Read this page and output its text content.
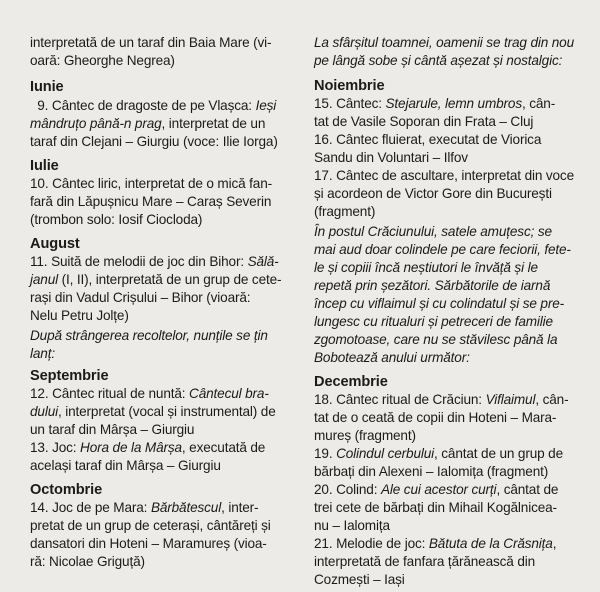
interpretată de un taraf din Baia Mare (vi-
oară: Gheorghe Negrea)
Iunie
9. Cântec de dragoste de pe Vlașca: Ieși
mândruțo până-n prag, interpretat de un
taraf din Clejani – Giurgiu (voce: Ilie Iorga)
Iulie
10. Cântec liric, interpretat de o mică fan-
fară din Lăpușnicu Mare – Caraș Severin
(trombon solo: Iosif Ciocloda)
August
11. Suită de melodii de joc din Bihor: Sălă-
janul (I, II), interpretată de un grup de cete-
rași din Vadul Crișului – Bihor (vioară:
Nelu Petru Jolțe)
După strângerea recoltelor, nunțile se țin
lanț:
Septembrie
12. Cântec ritual de nuntă: Cântecul bra-
dului, interpretat (vocal și instrumental) de
un taraf din Mârșa – Giurgiu
13. Joc: Hora de la Mârșa, executată de
același taraf din Mârșa – Giurgiu
Octombrie
14. Joc de pe Mara: Bărbătescul, inter-
pretat de un grup de ceterași, cântăreți și
dansatori din Hoteni – Maramureș (vioa-
ră: Nicolae Griguță)
La sfârșitul toamnei, oamenii se trag din nou
pe lângă sobe și cântă așezat și nostalgic:
Noiembrie
15. Cântec: Stejarule, lemn umbros, cân-
tat de Vasile Soporan din Frata – Cluj
16. Cântec fluierat, executat de Viorica
Sandu din Voluntari – Ilfov
17. Cântec de ascultare, interpretat din voce
și acordeon de Victor Gore din București
(fragment)
În postul Crăciunului, satele amuțesc; se
mai aud doar colindele pe care feciorii, fete-
le și copiii încă neștiutori le învăță și le
repetă prin șezători. Sărbătorile de iarnă
încep cu viflaimul și cu colindatul și se pre-
lungesc cu ritualuri și petreceri de familie
zgomotoase, care nu se stăvilesc până la
Bobotează anului următor:
Decembrie
18. Cântec ritual de Crăciun: Viflaimul, cân-
tat de o ceată de copii din Hoteni – Mara-
mureș (fragment)
19. Colindul cerbului, cântat de un grup de
bărbați din Alexeni – Ialomița (fragment)
20. Colind: Ale cui acestor curți, cântat de
trei cete de bărbați din Mihail Kogălnicea-
nu – Ialomița
21. Melodie de joc: Bătuta de la Crăsnița,
interpretată de fanfara țărănească din
Cozmești – Iași
